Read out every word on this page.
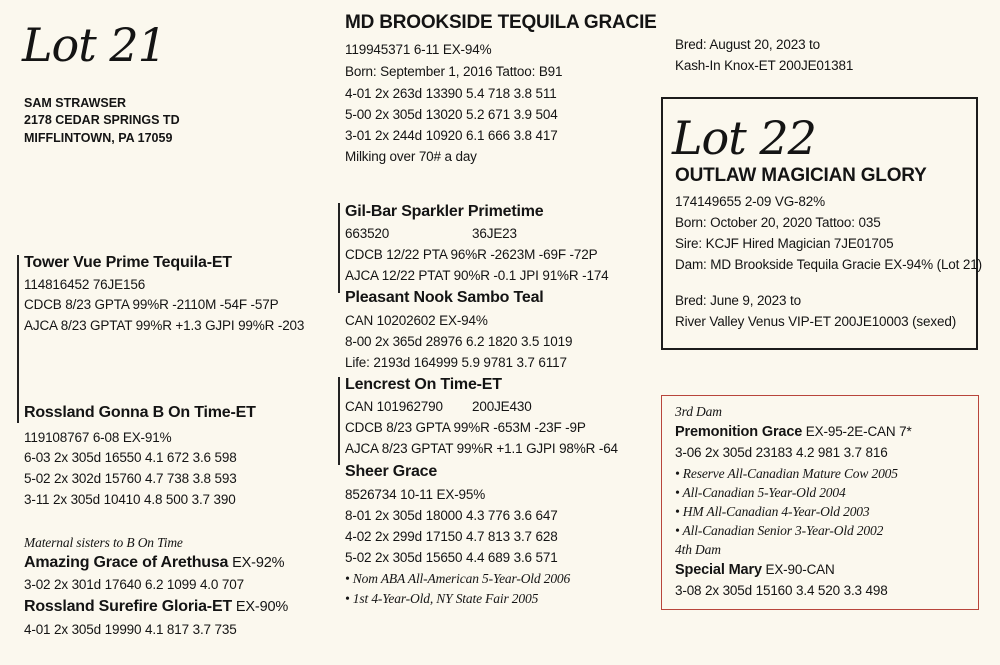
Lot 21
SAM STRAWSER
2178 CEDAR SPRINGS TD
MIFFLINTOWN, PA 17059
Tower Vue Prime Tequila-ET
114816452 76JE156
CDCB 8/23 GPTA 99%R -2110M -54F -57P
AJCA 8/23 GPTAT 99%R +1.3 GJPI 99%R -203
Rossland Gonna B On Time-ET
119108767 6-08 EX-91%
6-03 2x 305d 16550 4.1 672 3.6 598
5-02 2x 302d 15760 4.7 738 3.8 593
3-11 2x 305d 10410 4.8 500 3.7 390
Maternal sisters to B On Time
Amazing Grace of Arethusa EX-92%
3-02 2x 301d 17640 6.2 1099 4.0 707
Rossland Surefire Gloria-ET EX-90%
4-01 2x 305d 19990 4.1 817 3.7 735
MD BROOKSIDE TEQUILA GRACIE
119945371 6-11 EX-94%
Born: September 1, 2016 Tattoo: B91
4-01 2x 263d 13390 5.4 718 3.8 511
5-00 2x 305d 13020 5.2 671 3.9 504
3-01 2x 244d 10920 6.1 666 3.8 417
Milking over 70# a day
Gil-Bar Sparkler Primetime
663520	36JE23
CDCB 12/22 PTA 96%R -2623M -69F -72P
AJCA 12/22 PTAT 90%R -0.1 JPI 91%R -174
Pleasant Nook Sambo Teal
CAN 10202602 EX-94%
8-00 2x 365d 28976 6.2 1820 3.5 1019
Life: 2193d 164999 5.9 9781 3.7 6117
Lencrest On Time-ET
CAN 101962790 200JE430
CDCB 8/23 GPTA 99%R -653M -23F -9P
AJCA 8/23 GPTAT 99%R +1.1 GJPI 98%R -64
Sheer Grace
8526734 10-11 EX-95%
8-01 2x 305d 18000 4.3 776 3.6 647
4-02 2x 299d 17150 4.7 813 3.7 628
5-02 2x 305d 15650 4.4 689 3.6 571
• Nom ABA All-American 5-Year-Old 2006
• 1st 4-Year-Old, NY State Fair 2005
Bred: August 20, 2023 to
Kash-In Knox-ET 200JE01381
Lot 22
OUTLAW MAGICIAN GLORY
174149655 2-09 VG-82%
Born: October 20, 2020 Tattoo: 035
Sire: KCJF Hired Magician 7JE01705
Dam: MD Brookside Tequila Gracie EX-94% (Lot 21)
Bred: June 9, 2023 to
River Valley Venus VIP-ET 200JE10003 (sexed)
3rd Dam
Premonition Grace EX-95-2E-CAN 7*
3-06 2x 305d 23183 4.2 981 3.7 816
• Reserve All-Canadian Mature Cow 2005
• All-Canadian 5-Year-Old 2004
• HM All-Canadian 4-Year-Old 2003
• All-Canadian Senior 3-Year-Old 2002
4th Dam
Special Mary EX-90-CAN
3-08 2x 305d 15160 3.4 520 3.3 498
